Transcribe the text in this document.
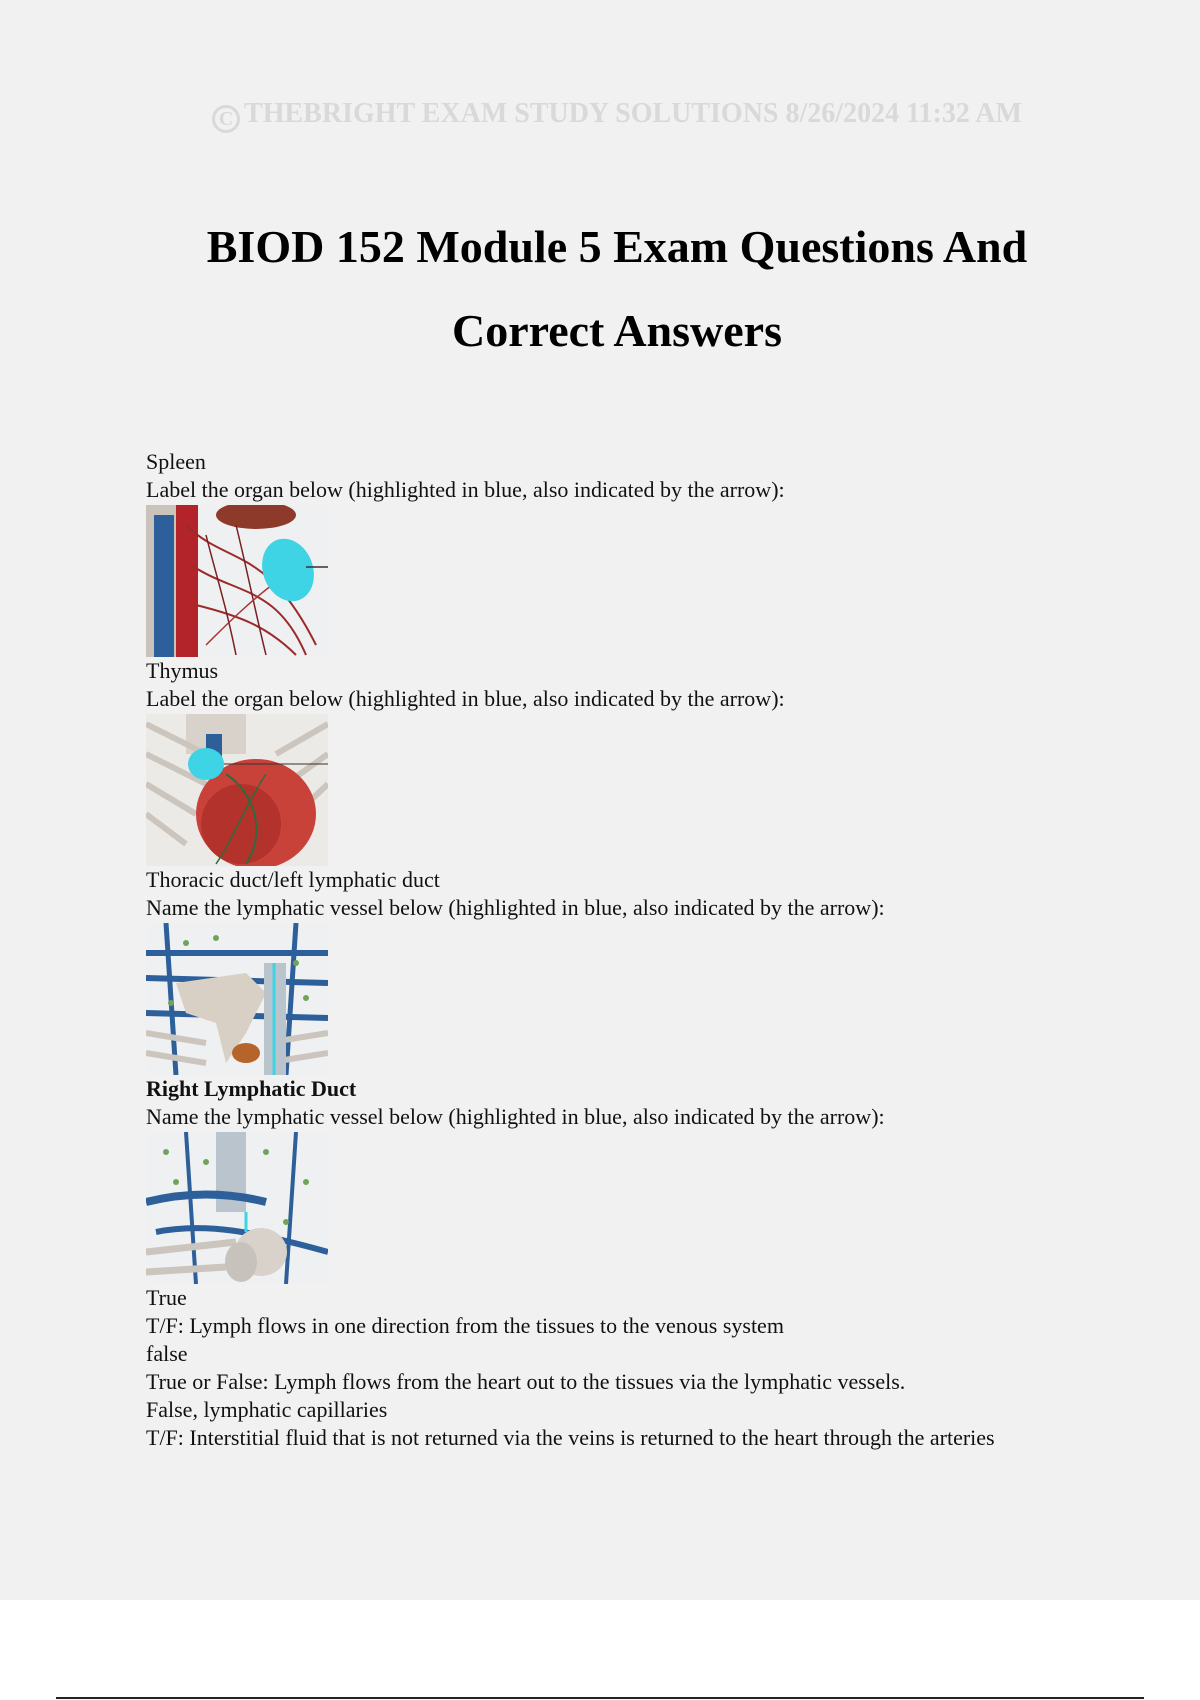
C THEBRIGHT EXAM STUDY SOLUTIONS 8/26/2024 11:32 AM
BIOD 152 Module 5 Exam Questions And
Correct Answers
Spleen
Label the organ below (highlighted in blue, also indicated by the arrow):
Thymus
Label the organ below (highlighted in blue, also indicated by the arrow):
Thoracic duct/left lymphatic duct
Name the lymphatic vessel below (highlighted in blue, also indicated by the arrow):
Right Lymphatic Duct
Name the lymphatic vessel below (highlighted in blue, also indicated by the arrow):
True
T/F: Lymph flows in one direction from the tissues to the venous system
false
True or False: Lymph flows from the heart out to the tissues via the lymphatic vessels.
False, lymphatic capillaries
T/F: Interstitial fluid that is not returned via the veins is returned to the heart through the arteries
